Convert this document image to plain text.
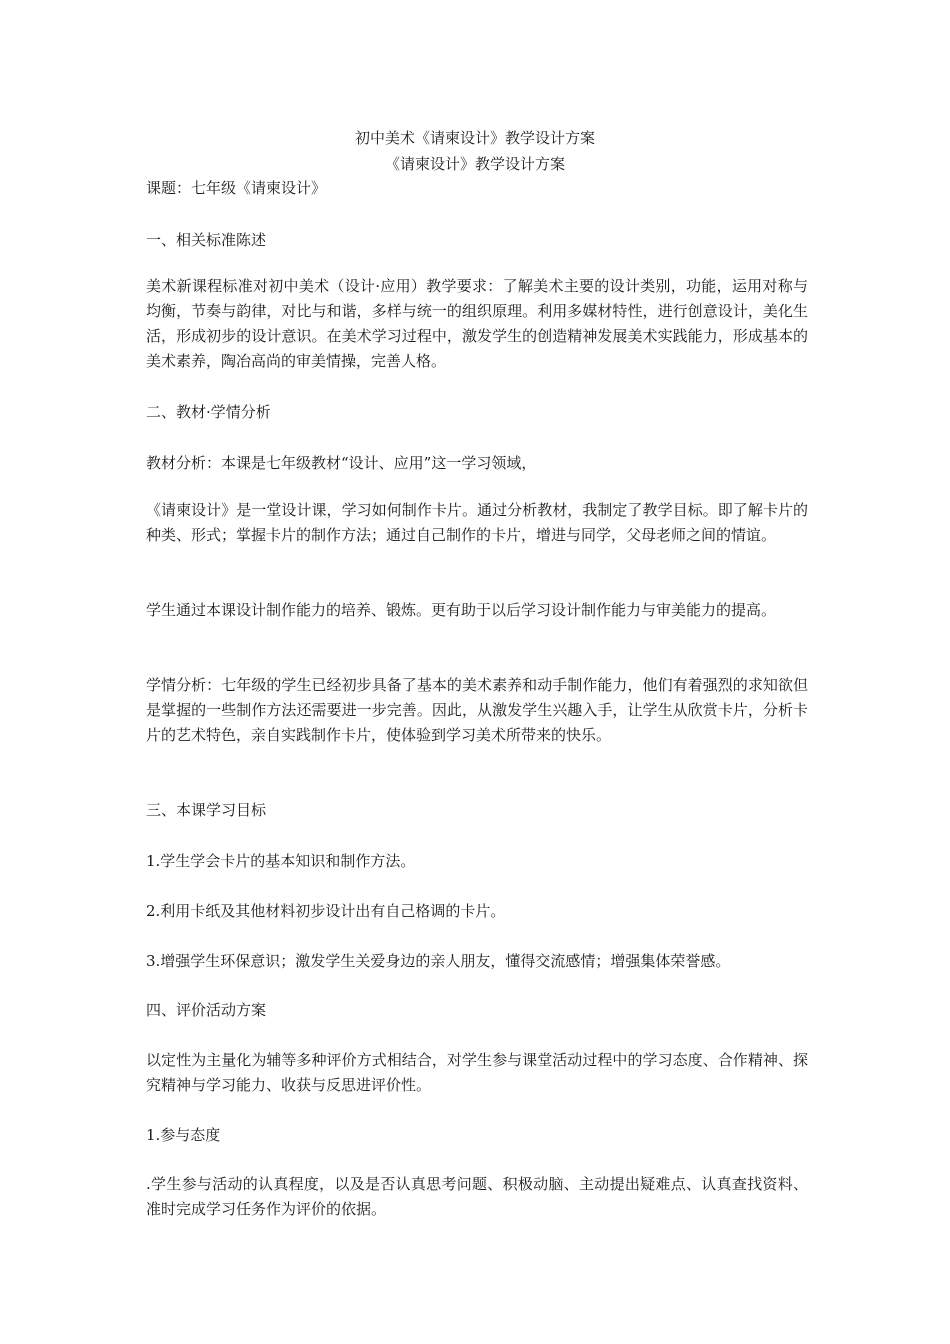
初中美术《请柬设计》教学设计方案
《请柬设计》教学设计方案
课题：七年级《请柬设计》
一、相关标准陈述
美术新课程标准对初中美术（设计·应用）教学要求：了解美术主要的设计类别，功能，运用对称与均衡，节奏与韵律，对比与和谐，多样与统一的组织原理。利用多媒材特性，进行创意设计，美化生活，形成初步的设计意识。在美术学习过程中，激发学生的创造精神发展美术实践能力，形成基本的美术素养，陶冶高尚的审美情操，完善人格。
二、教材·学情分析
教材分析：本课是七年级教材“设计、应用”这一学习领域，
《请柬设计》是一堂设计课，学习如何制作卡片。通过分析教材，我制定了教学目标。即了解卡片的种类、形式；掌握卡片的制作方法；通过自己制作的卡片，增进与同学，父母老师之间的情谊。
学生通过本课设计制作能力的培养、锻炼。更有助于以后学习设计制作能力与审美能力的提高。
学情分析：七年级的学生已经初步具备了基本的美术素养和动手制作能力，他们有着强烈的求知欲但是掌握的一些制作方法还需要进一步完善。因此，从激发学生兴趣入手，让学生从欣赏卡片，分析卡片的艺术特色，亲自实践制作卡片，使体验到学习美术所带来的快乐。
三、本课学习目标
1.学生学会卡片的基本知识和制作方法。
2.利用卡纸及其他材料初步设计出有自己格调的卡片。
3.增强学生环保意识；激发学生关爱身边的亲人朋友，懂得交流感情；增强集体荣誉感。
四、评价活动方案
以定性为主量化为辅等多种评价方式相结合，对学生参与课堂活动过程中的学习态度、合作精神、探究精神与学习能力、收获与反思进评价性。
1.参与态度
.学生参与活动的认真程度，以及是否认真思考问题、积极动脑、主动提出疑难点、认真查找资料、准时完成学习任务作为评价的依据。
